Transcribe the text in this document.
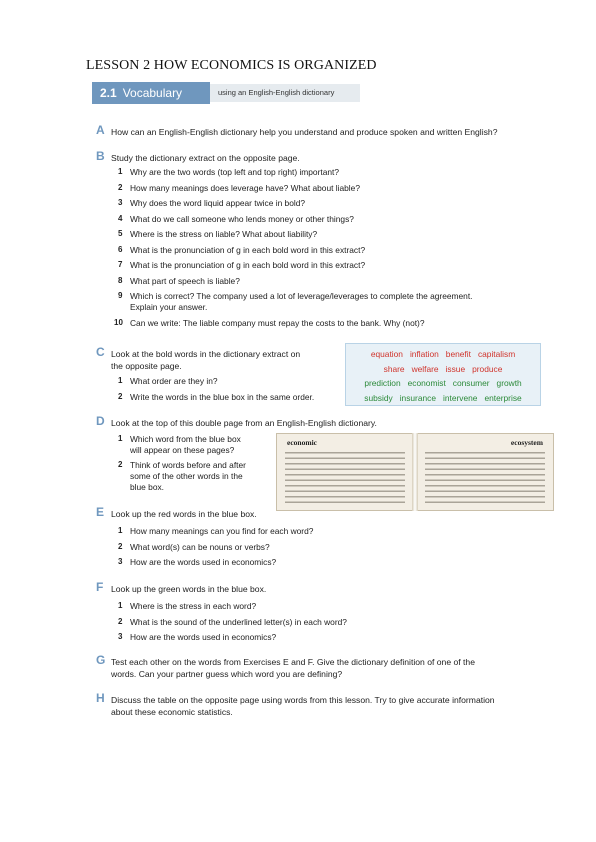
LESSON 2 HOW ECONOMICS IS ORGANIZED
2.1 Vocabulary	using an English-English dictionary
A How can an English-English dictionary help you understand and produce spoken and written English?
B Study the dictionary extract on the opposite page.
1 Why are the two words (top left and top right) important?
2 How many meanings does leverage have? What about liable?
3 Why does the word liquid appear twice in bold?
4 What do we call someone who lends money or other things?
5 Where is the stress on liable? What about liability?
6 What is the pronunciation of g in each bold word in this extract?
7 What is the pronunciation of g in each bold word in this extract?
8 What part of speech is liable?
9 Which is correct? The company used a lot of leverage/leverages to complete the agreement.
Explain your answer.
10 Can we write: The liable company must repay the costs to the bank. Why (not)?
C Look at the bold words in the dictionary extract on
the opposite page.
1 What order are they in?
2 Write the words in the blue box in the same order.
equation inflation benefit capitalism
share welfare issue produce
prediction economist consumer growth
subsidy insurance intervene enterprise
D Look at the top of this double page from an English-English dictionary.
1 Which word from the blue box
will appear on these pages?
2 Think of words before and after
some of the other words in the
blue box.
economic	ecosystem
E Look up the red words in the blue box.
1 How many meanings can you find for each word?
2 What word(s) can be nouns or verbs?
3 How are the words used in economics?
F Look up the green words in the blue box.
1 Where is the stress in each word?
2 What is the sound of the underlined letter(s) in each word?
3 How are the words used in economics?
G Test each other on the words from Exercises E and F. Give the dictionary definition of one of the
words. Can your partner guess which word you are defining?
H Discuss the table on the opposite page using words from this lesson. Try to give accurate information
about these economic statistics.
